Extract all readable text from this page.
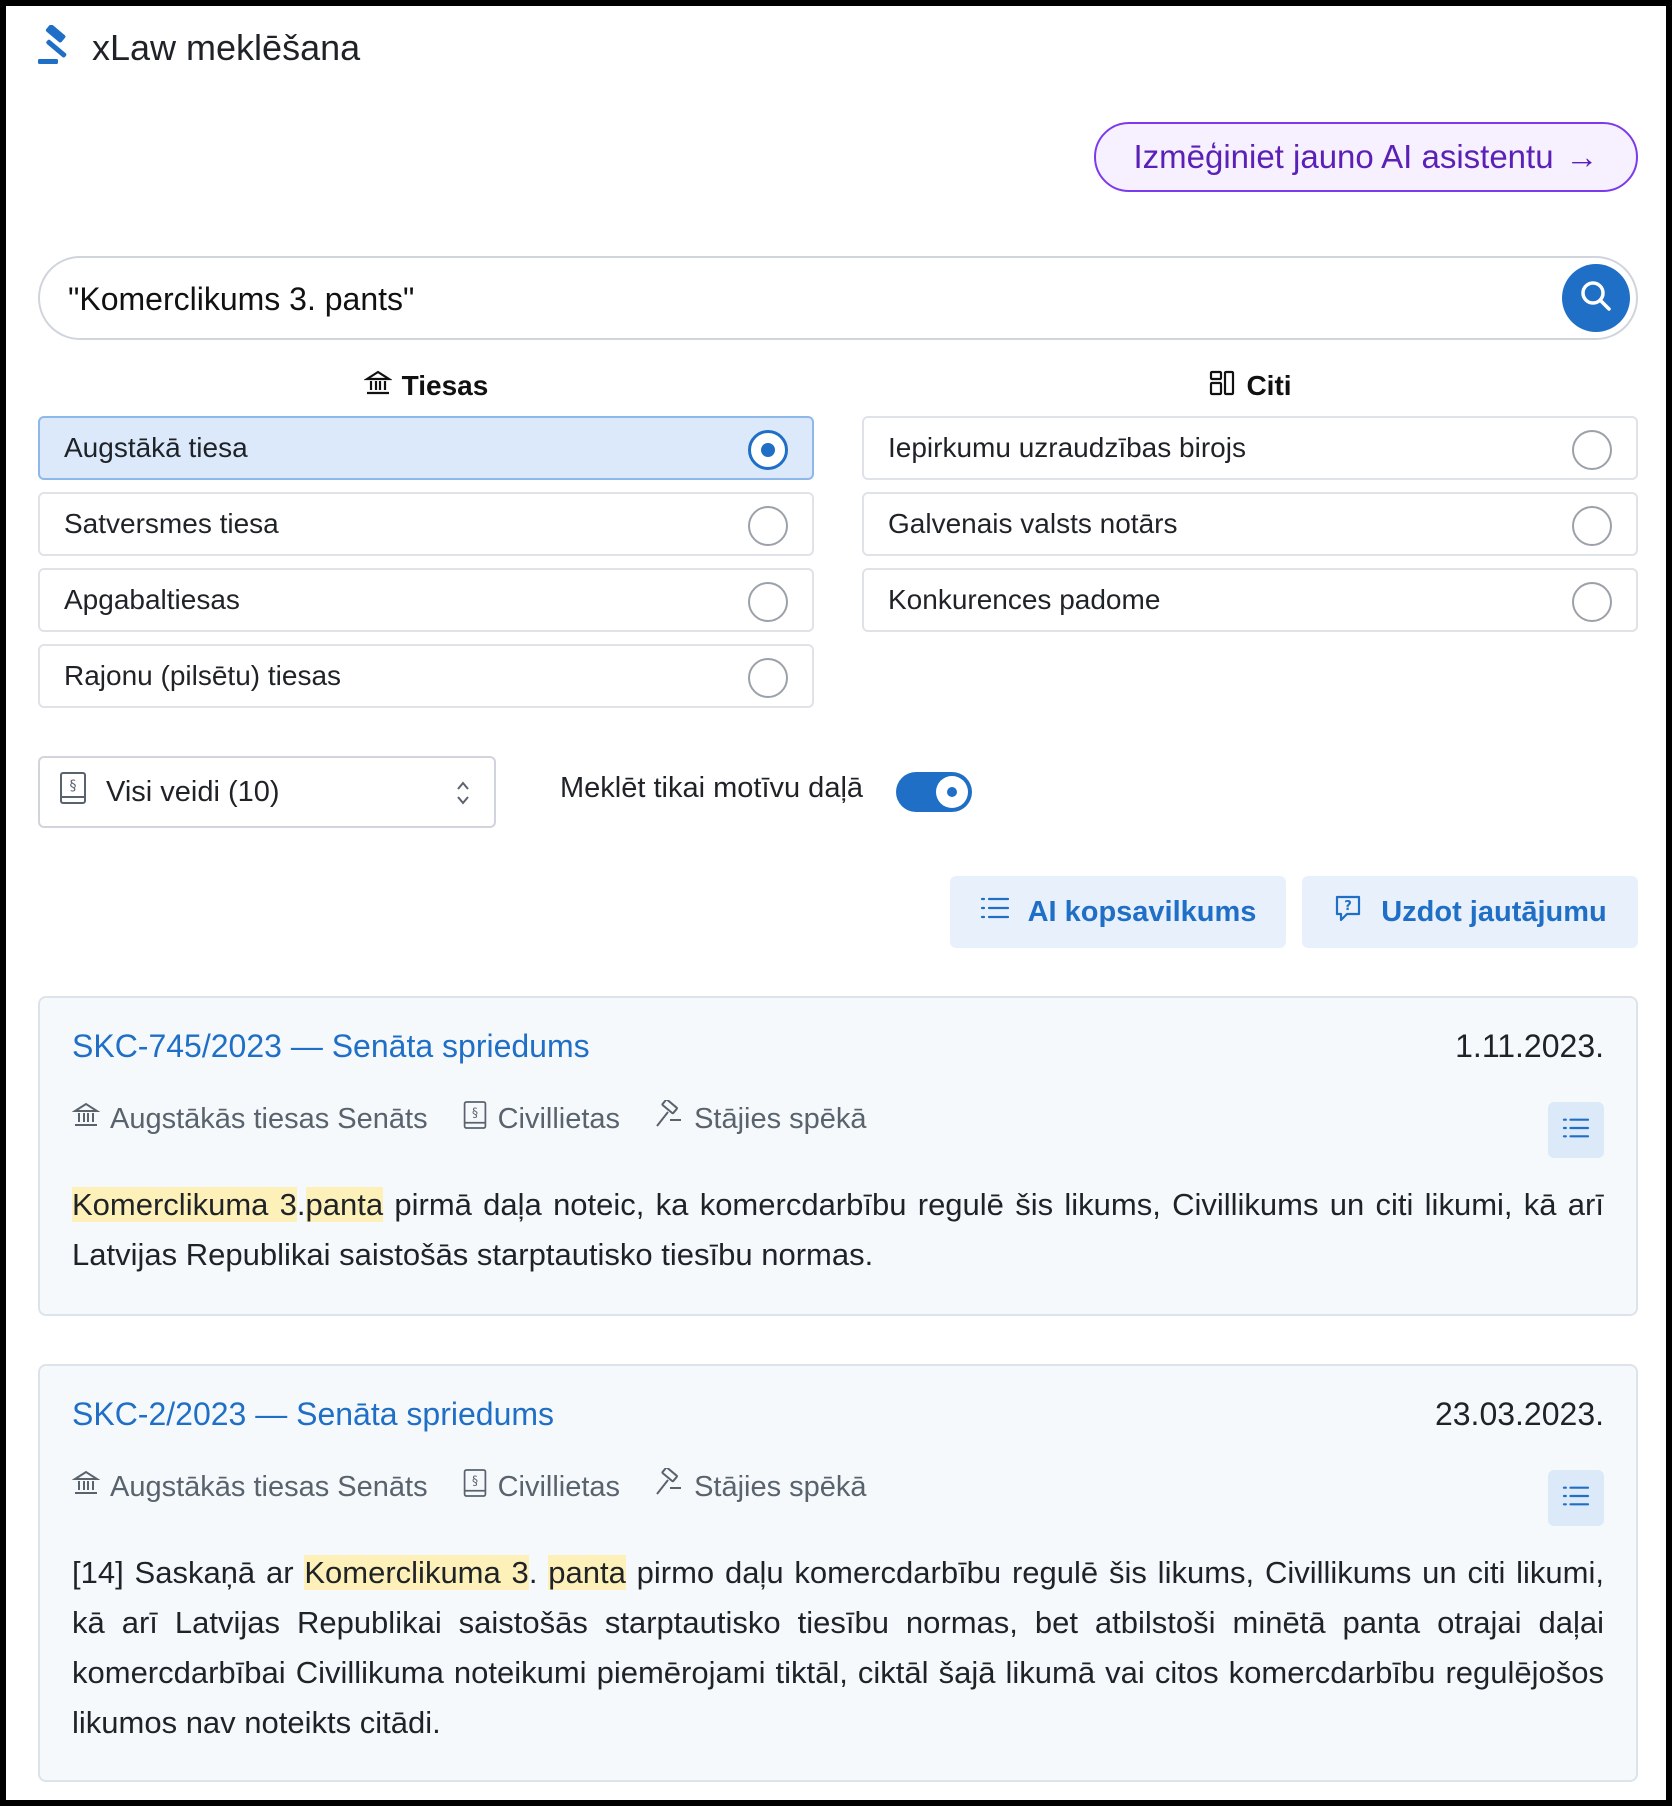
xLaw meklēšana
Izmēģiniet jauno AI asistentu →
"Komerclikums 3. pants"
Tiesas	Citi
Augstākā tiesa
Satversmes tiesa
Apgabaltiesas
Rajonu (pilsētu) tiesas
Iepirkumu uzraudzības birojs
Galvenais valsts notārs
Konkurences padome
§ Visi veidi (10)	Meklēt tikai motīvu daļā
AI kopsavilkums	? Uzdot jautājumu
SKC-745/2023 — Senāta spriedums	1.11.2023.
Augstākās tiesas Senāts	§ Civillietas	Stājies spēkā

Komerclikuma 3.panta pirmā daļa noteic, ka komercdarbību regulē šis likums, Civillikums un citi likumi, kā arī Latvijas Republikai saistošās starptautisko tiesību normas.

SKC-2/2023 — Senāta spriedums	23.03.2023.
Augstākās tiesas Senāts	§ Civillietas	Stājies spēkā

[14] Saskaņā ar Komerclikuma 3. panta pirmo daļu komercdarbību regulē šis likums, Civillikums un citi likumi, kā arī Latvijas Republikai saistošās starptautisko tiesību normas, bet atbilstoši minētā panta otrajai daļai komercdarbībai Civillikuma noteikumi piemērojami tiktāl, ciktāl šajā likumā vai citos komercdarbību regulējošos likumos nav noteikts citādi.
